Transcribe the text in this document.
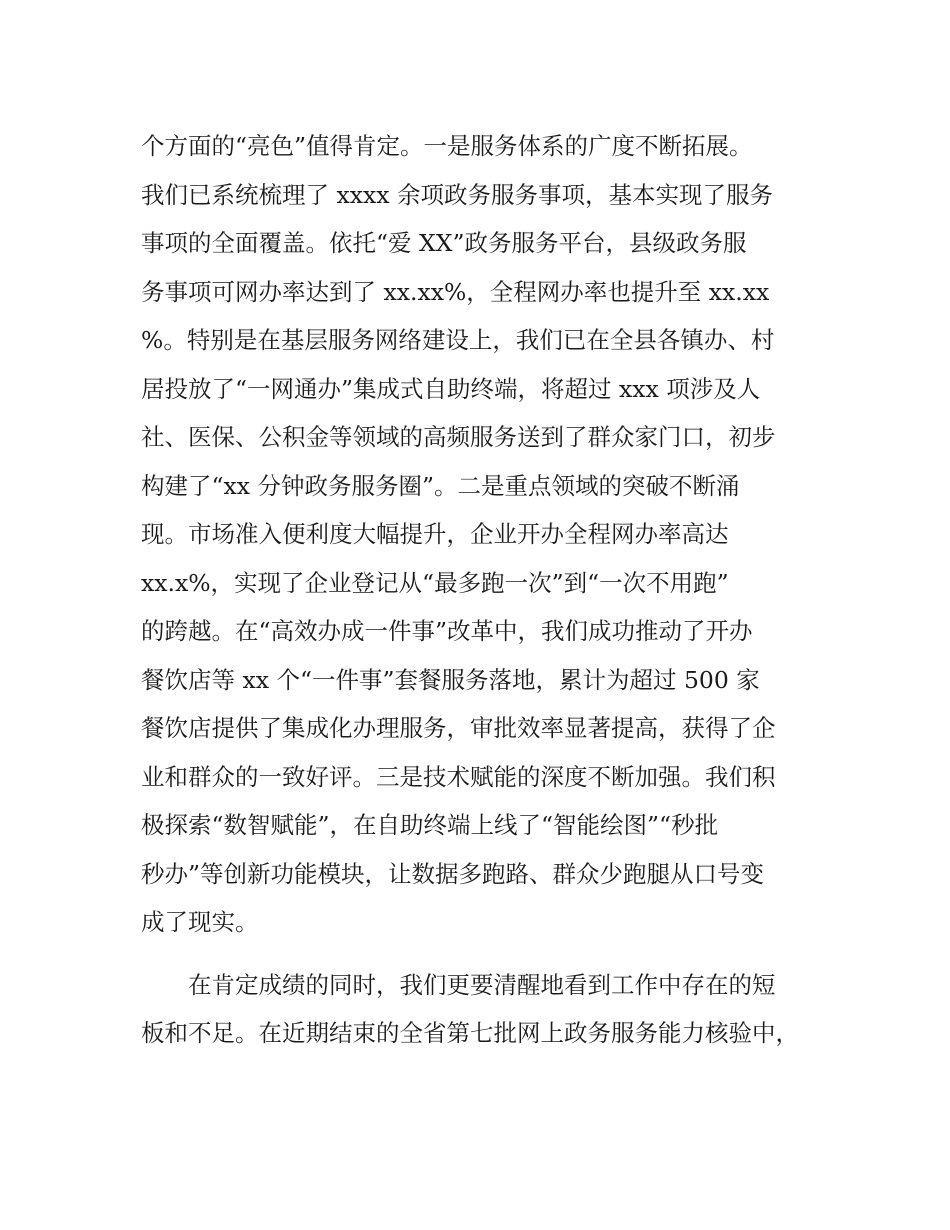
个方面的“亮色”值得肯定。一是服务体系的广度不断拓展。
我们已系统梳理了 xxxx 余项政务服务事项，基本实现了服务
事项的全面覆盖。依托“爱 XX”政务服务平台，县级政务服
务事项可网办率达到了 xx.xx%，全程网办率也提升至 xx.xx
%。特别是在基层服务网络建设上，我们已在全县各镇办、村
居投放了“一网通办”集成式自助终端，将超过 xxx 项涉及人
社、医保、公积金等领域的高频服务送到了群众家门口，初步
构建了“xx 分钟政务服务圈”。二是重点领域的突破不断涌
现。市场准入便利度大幅提升，企业开办全程网办率高达
xx.x%，实现了企业登记从“最多跑一次”到“一次不用跑”
的跨越。在“高效办成一件事”改革中，我们成功推动了开办
餐饮店等 xx 个“一件事”套餐服务落地，累计为超过 500 家
餐饮店提供了集成化办理服务，审批效率显著提高，获得了企
业和群众的一致好评。三是技术赋能的深度不断加强。我们积
极探索“数智赋能”，在自助终端上线了“智能绘图”“秒批
秒办”等创新功能模块，让数据多跑路、群众少跑腿从口号变
成了现实。
在肯定成绩的同时，我们更要清醒地看到工作中存在的短
板和不足。在近期结束的全省第七批网上政务服务能力核验中，
